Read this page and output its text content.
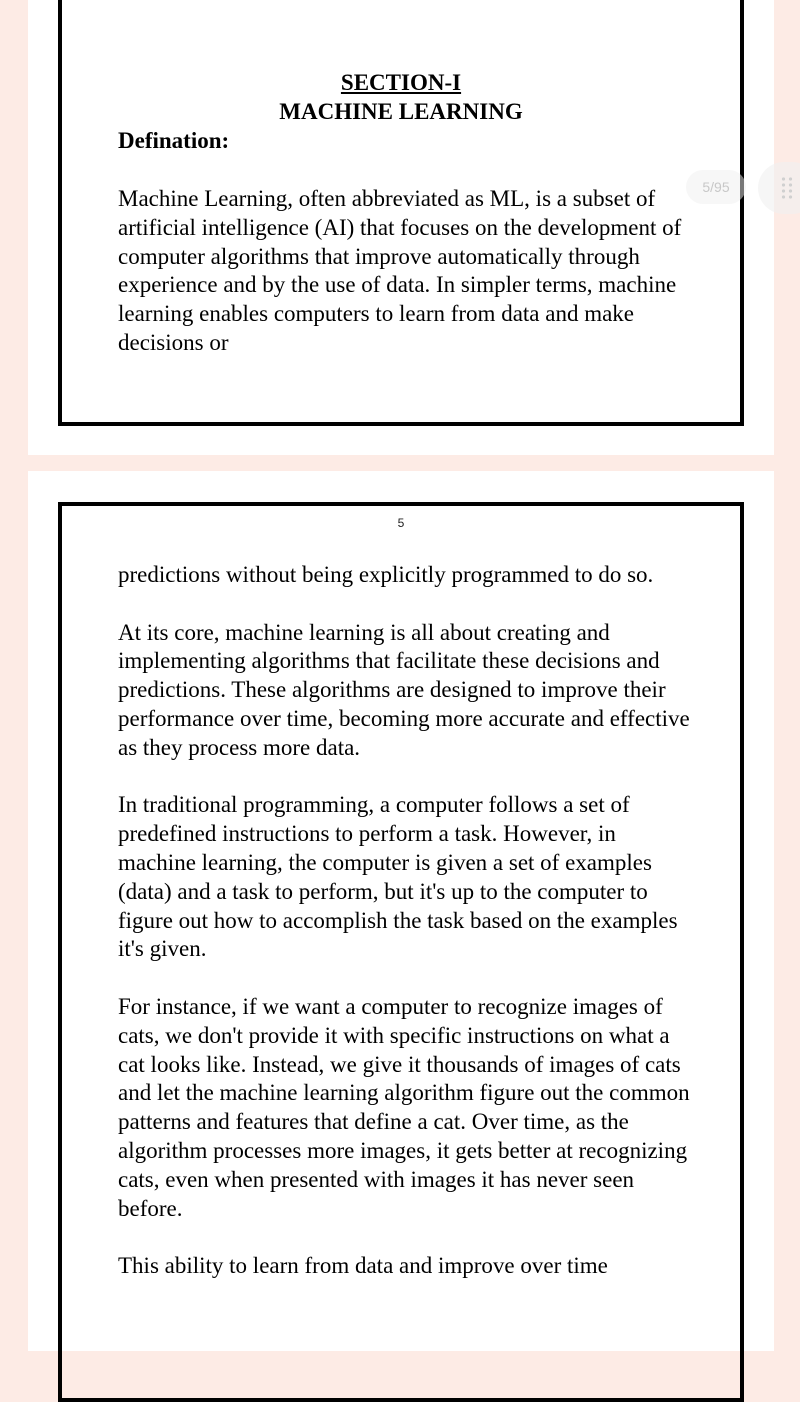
SECTION-I
MACHINE LEARNING
Defination:

Machine Learning, often abbreviated as ML, is a subset of artificial intelligence (AI) that focuses on the development of computer algorithms that improve automatically through experience and by the use of data. In simpler terms, machine learning enables computers to learn from data and make decisions or

5

predictions without being explicitly programmed to do so.

At its core, machine learning is all about creating and implementing algorithms that facilitate these decisions and predictions. These algorithms are designed to improve their performance over time, becoming more accurate and effective as they process more data.

In traditional programming, a computer follows a set of predefined instructions to perform a task. However, in machine learning, the computer is given a set of examples (data) and a task to perform, but it's up to the computer to figure out how to accomplish the task based on the examples it's given.

For instance, if we want a computer to recognize images of cats, we don't provide it with specific instructions on what a cat looks like. Instead, we give it thousands of images of cats and let the machine learning algorithm figure out the common patterns and features that define a cat. Over time, as the algorithm processes more images, it gets better at recognizing cats, even when presented with images it has never seen before.

This ability to learn from data and improve over time

5/95
